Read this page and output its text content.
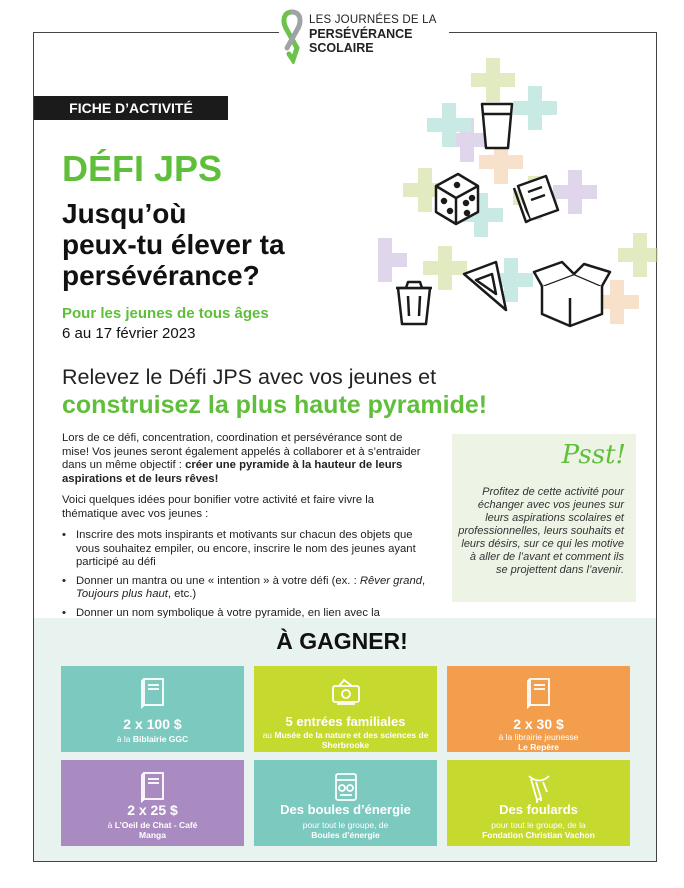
LES JOURNÉES DE LA
PERSÉVÉRANCE
SCOLAIRE
FICHE D’ACTIVITÉ
DÉFI JPS
Jusqu’où
peux-tu élever ta
persévérance?
Pour les jeunes de tous âges
6 au 17 février 2023
Relevez le Défi JPS avec vos jeunes et
construisez la plus haute pyramide!

Lors de ce défi, concentration, coordination et persévérance sont de mise! Vos jeunes seront également appelés à collaborer et à s’entraider dans un même objectif : créer une pyramide à la hauteur de leurs aspirations et de leurs rêves!

Voici quelques idées pour bonifier votre activité et faire vivre la thématique avec vos jeunes :

• Inscrire des mots inspirants et motivants sur chacun des objets que vous souhaitez empiler, ou encore, inscrire le nom des jeunes ayant participé au défi
• Donner un mantra ou une « intention » à votre défi (ex. : Rêver grand, Toujours plus haut, etc.)
• Donner un nom symbolique à votre pyramide, en lien avec la
Psst!
Profitez de cette activité pour échanger avec vos jeunes sur leurs aspirations scolaires et professionnelles, leurs souhaits et leurs désirs, sur ce qui les motive à aller de l’avant et comment ils se projettent dans l’avenir.
À GAGNER!
2 x 100 $
à la Biblairie GGC
5 entrées familiales
au Musée de la nature et des sciences de Sherbrooke
2 x 30 $
à la librairie jeunesse
Le Repère
2 x 25 $
à L’Oeil de Chat - Café Manga
Des boules d’énergie
pour tout le groupe, de
Boules d’énergie
Des foulards
pour tout le groupe, de la
Fondation Christian Vachon
